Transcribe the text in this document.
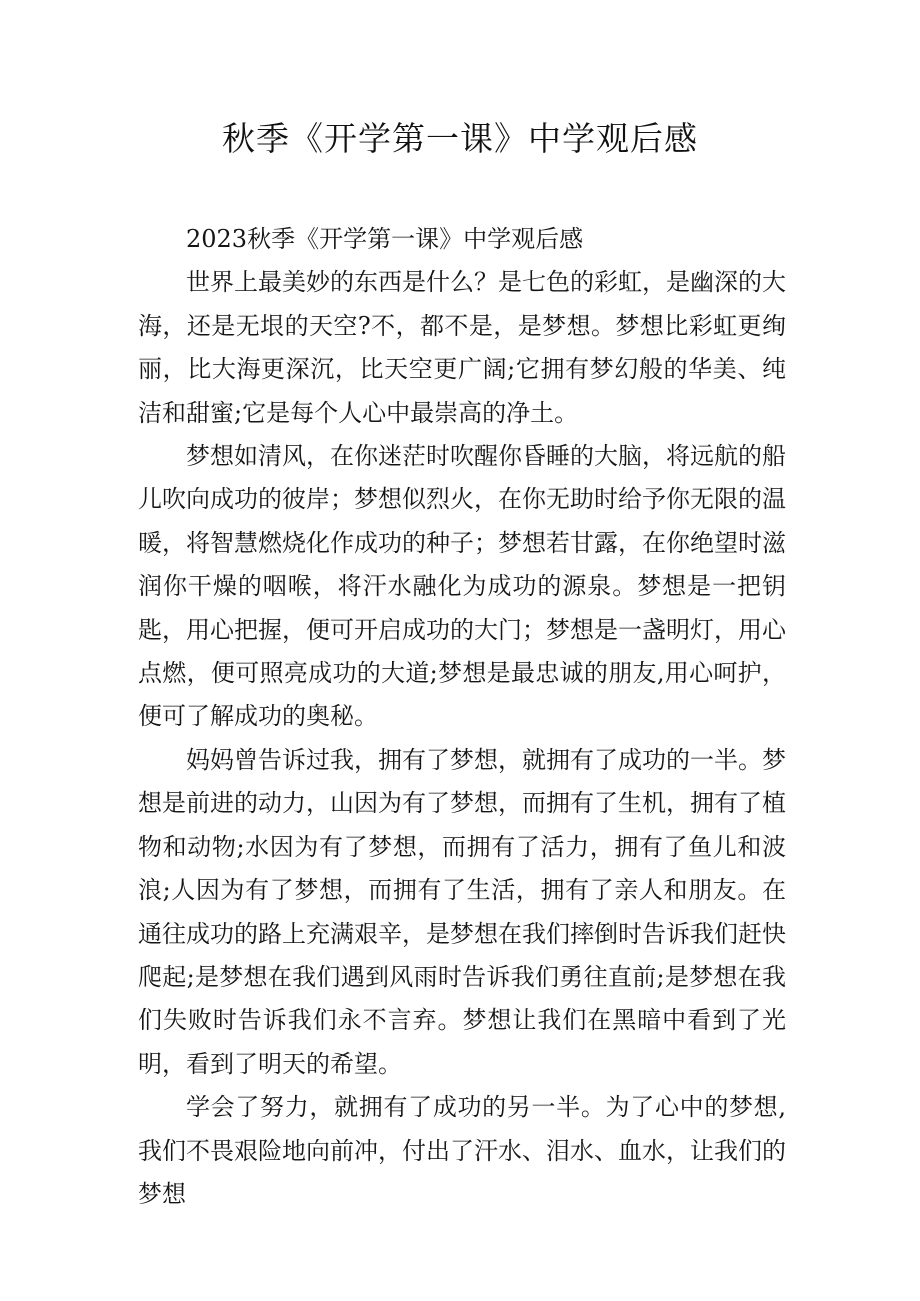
秋季《开学第一课》中学观后感

2023秋季《开学第一课》中学观后感

世界上最美妙的东西是什么？是七色的彩虹，是幽深的大海，还是无垠的天空?不，都不是，是梦想。梦想比彩虹更绚丽，比大海更深沉，比天空更广阔;它拥有梦幻般的华美、纯洁和甜蜜;它是每个人心中最崇高的净土。

梦想如清风，在你迷茫时吹醒你昏睡的大脑，将远航的船儿吹向成功的彼岸；梦想似烈火，在你无助时给予你无限的温暖，将智慧燃烧化作成功的种子；梦想若甘露，在你绝望时滋润你干燥的咽喉，将汗水融化为成功的源泉。梦想是一把钥匙，用心把握，便可开启成功的大门；梦想是一盏明灯，用心点燃，便可照亮成功的大道;梦想是最忠诚的朋友,用心呵护，便可了解成功的奥秘。

妈妈曾告诉过我，拥有了梦想，就拥有了成功的一半。梦想是前进的动力，山因为有了梦想，而拥有了生机，拥有了植物和动物;水因为有了梦想，而拥有了活力，拥有了鱼儿和波浪;人因为有了梦想，而拥有了生活，拥有了亲人和朋友。在通往成功的路上充满艰辛，是梦想在我们摔倒时告诉我们赶快爬起;是梦想在我们遇到风雨时告诉我们勇往直前;是梦想在我们失败时告诉我们永不言弃。梦想让我们在黑暗中看到了光明，看到了明天的希望。

学会了努力，就拥有了成功的另一半。为了心中的梦想,我们不畏艰险地向前冲，付出了汗水、泪水、血水，让我们的梦想
